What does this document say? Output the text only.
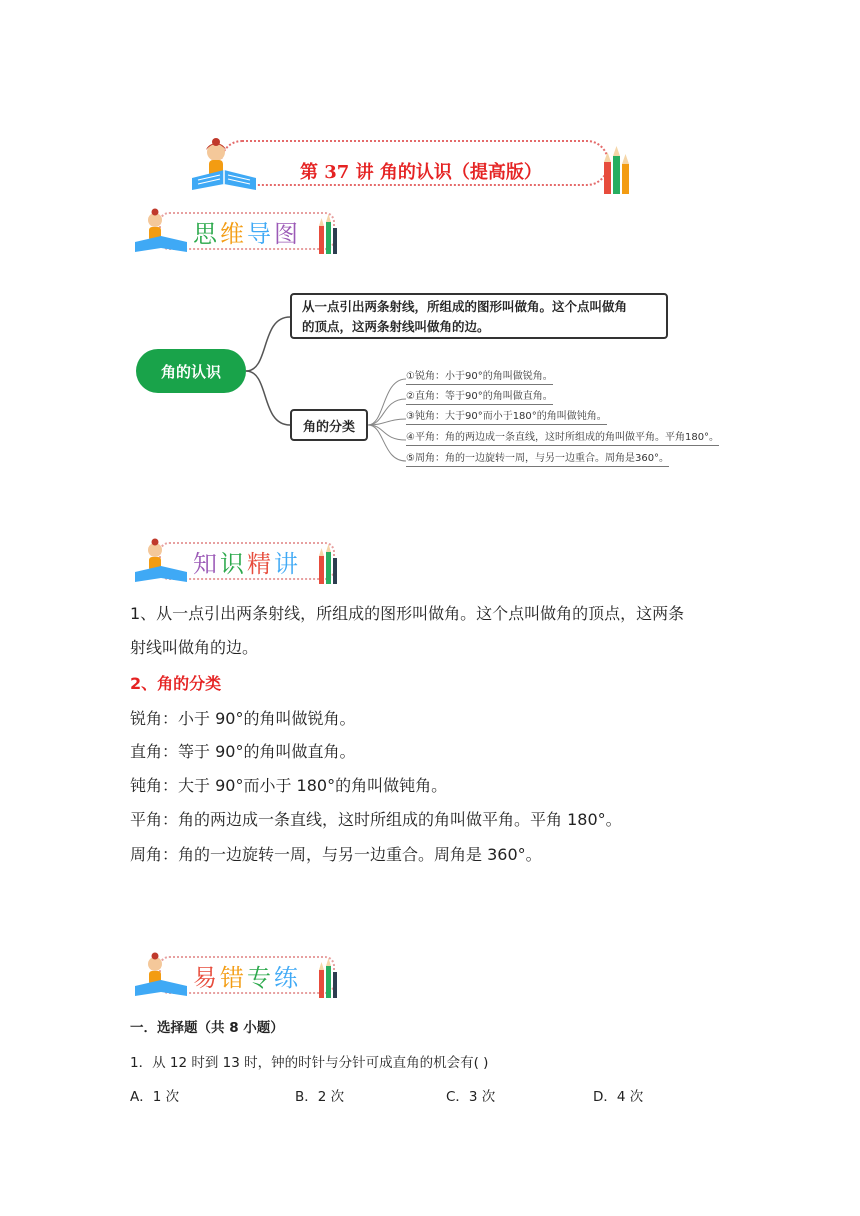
第 37 讲 角的认识（提高版）
思维导图
角的认识
从一点引出两条射线，所组成的图形叫做角。这个点叫做角
的顶点，这两条射线叫做角的边。
角的分类
①锐角：小于90°的角叫做锐角。
②直角：等于90°的角叫做直角。
③钝角：大于90°而小于180°的角叫做钝角。
④平角：角的两边成一条直线，这时所组成的角叫做平角。平角180°。
⑤周角：角的一边旋转一周，与另一边重合。周角是360°。
知识精讲
1、从一点引出两条射线，所组成的图形叫做角。这个点叫做角的顶点，这两条
射线叫做角的边。
2、角的分类
锐角：小于 90°的角叫做锐角。
直角：等于 90°的角叫做直角。
钝角：大于 90°而小于 180°的角叫做钝角。
平角：角的两边成一条直线，这时所组成的角叫做平角。平角 180°。
周角：角的一边旋转一周，与另一边重合。周角是 360°。
易错专练
一．选择题（共 8 小题）
1．从 12 时到 13 时，钟的时针与分针可成直角的机会有( )
A．1 次	B．2 次	C．3 次	D．4 次
